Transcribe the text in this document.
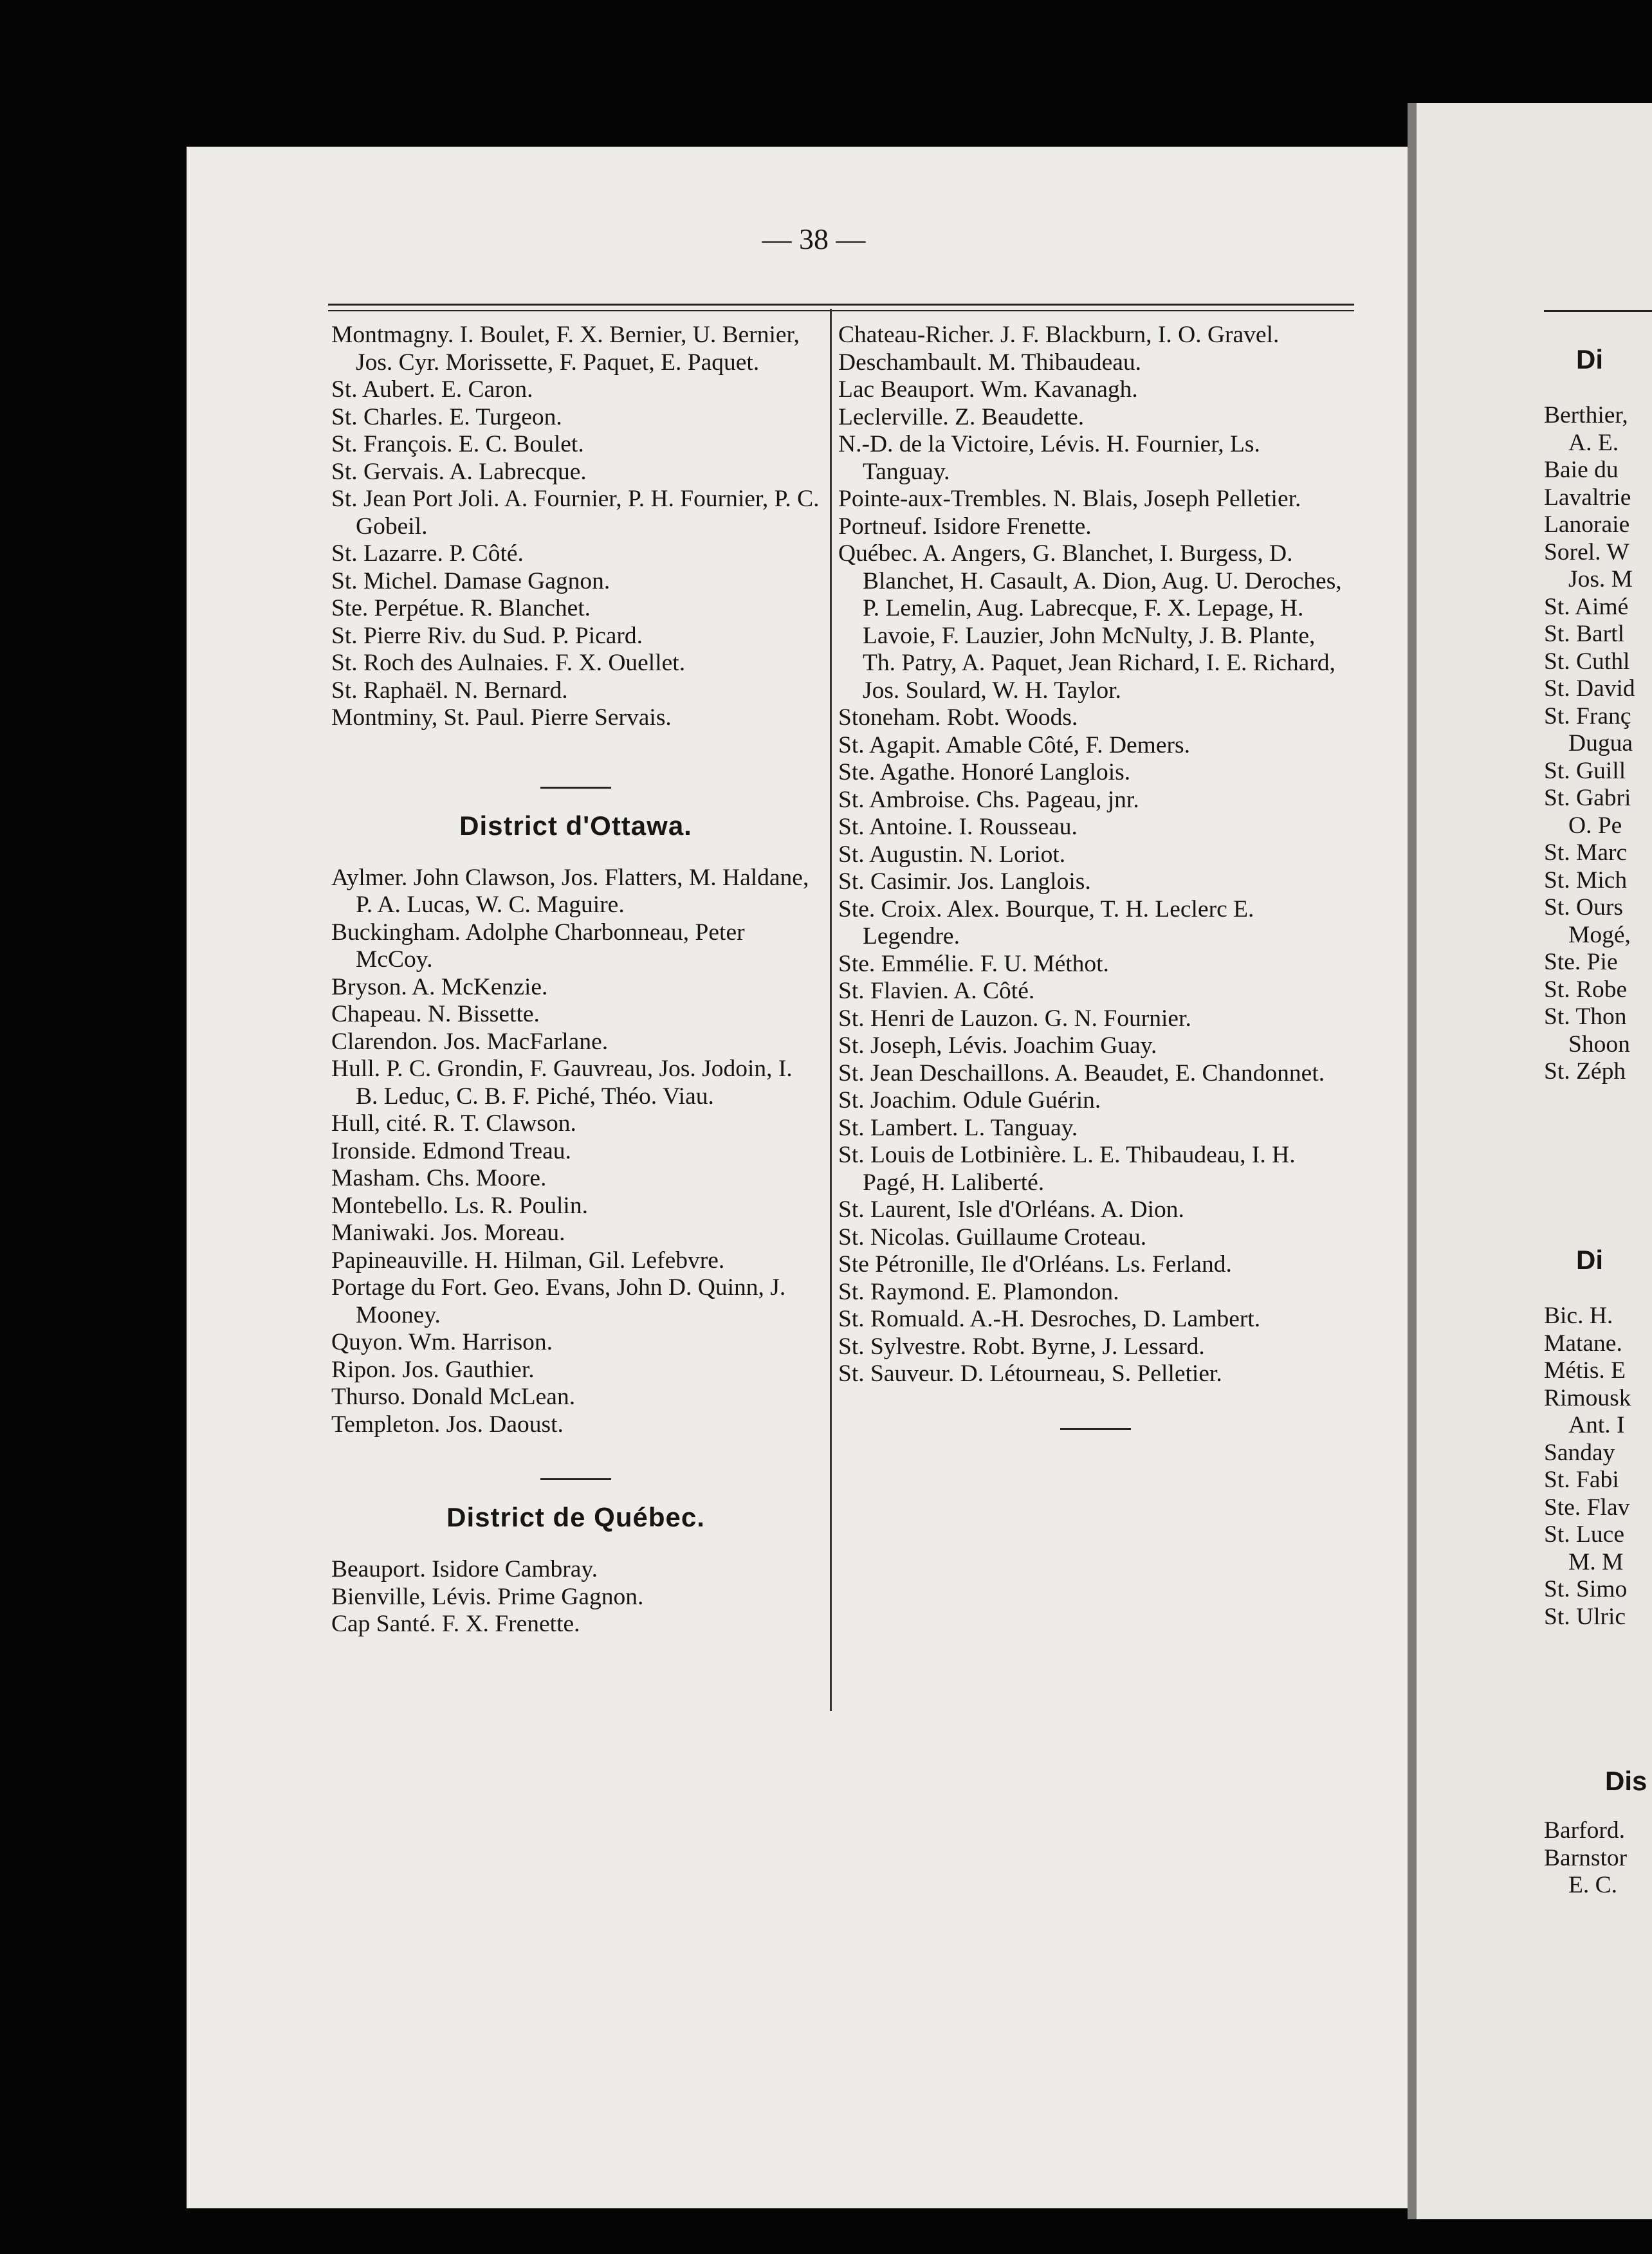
— 38 —
Montmagny. I. Boulet, F. X. Bernier, U. Bernier, Jos. Cyr. Morissette, F. Paquet, E. Paquet.
St. Aubert. E. Caron.
St. Charles. E. Turgeon.
St. François. E. C. Boulet.
St. Gervais. A. Labrecque.
St. Jean Port Joli. A. Fournier, P. H. Fournier, P. C. Gobeil.
St. Lazarre. P. Côté.
St. Michel. Damase Gagnon.
Ste. Perpétue. R. Blanchet.
St. Pierre Riv. du Sud. P. Picard.
St. Roch des Aulnaies. F. X. Ouellet.
St. Raphaël. N. Bernard.
Montminy, St. Paul. Pierre Servais.
District d'Ottawa.
Aylmer. John Clawson, Jos. Flatters, M. Haldane, P. A. Lucas, W. C. Maguire.
Buckingham. Adolphe Charbonneau, Peter McCoy.
Bryson. A. McKenzie.
Chapeau. N. Bissette.
Clarendon. Jos. MacFarlane.
Hull. P. C. Grondin, F. Gauvreau, Jos. Jodoin, I. B. Leduc, C. B. F. Piché, Théo. Viau.
Hull, cité. R. T. Clawson.
Ironside. Edmond Treau.
Masham. Chs. Moore.
Montebello. Ls. R. Poulin.
Maniwaki. Jos. Moreau.
Papineauville. H. Hilman, Gil. Lefebvre.
Portage du Fort. Geo. Evans, John D. Quinn, J. Mooney.
Quyon. Wm. Harrison.
Ripon. Jos. Gauthier.
Thurso. Donald McLean.
Templeton. Jos. Daoust.
District de Québec.
Beauport. Isidore Cambray.
Bienville, Lévis. Prime Gagnon.
Cap Santé. F. X. Frenette.
Chateau-Richer. J. F. Blackburn, I. O. Gravel.
Deschambault. M. Thibaudeau.
Lac Beauport. Wm. Kavanagh.
Leclerville. Z. Beaudette.
N.-D. de la Victoire, Lévis. H. Fournier, Ls. Tanguay.
Pointe-aux-Trembles. N. Blais, Joseph Pelletier.
Portneuf. Isidore Frenette.
Québec. A. Angers, G. Blanchet, I. Burgess, D. Blanchet, H. Casault, A. Dion, Aug. U. Deroches, P. Lemelin, Aug. Labrecque, F. X. Lepage, H. Lavoie, F. Lauzier, John McNulty, J. B. Plante, Th. Patry, A. Paquet, Jean Richard, I. E. Richard, Jos. Soulard, W. H. Taylor.
Stoneham. Robt. Woods.
St. Agapit. Amable Côté, F. Demers.
Ste. Agathe. Honoré Langlois.
St. Ambroise. Chs. Pageau, jnr.
St. Antoine. I. Rousseau.
St. Augustin. N. Loriot.
St. Casimir. Jos. Langlois.
Ste. Croix. Alex. Bourque, T. H. Leclerc E. Legendre.
Ste. Emmélie. F. U. Méthot.
St. Flavien. A. Côté.
St. Henri de Lauzon. G. N. Fournier.
St. Joseph, Lévis. Joachim Guay.
St. Jean Deschaillons. A. Beaudet, E. Chandonnet.
St. Joachim. Odule Guérin.
St. Lambert. L. Tanguay.
St. Louis de Lotbinière. L. E. Thibaudeau, I. H. Pagé, H. Laliberté.
St. Laurent, Isle d'Orléans. A. Dion.
St. Nicolas. Guillaume Croteau.
Ste Pétronille, Ile d'Orléans. Ls. Ferland.
St. Raymond. E. Plamondon.
St. Romuald. A.-H. Desroches, D. Lambert.
St. Sylvestre. Robt. Byrne, J. Lessard.
St. Sauveur. D. Létourneau, S. Pelletier.
Di
Berthier,
A. E.
Baie du
Lavaltrie
Lanoraie
Sorel. W
Jos. M
St. Aimé
St. Bartl
St. Cuthl
St. David
St. Franç
Dugua
St. Guill
St. Gabri
O. Pe
St. Marc
St. Mich
St. Ours
Mogé,
Ste. Pie
St. Robe
St. Thon
Shoon
St. Zéph
Di
Bic. H.
Matane.
Métis. E
Rimousk
Ant. I
Sanday
St. Fabi
Ste. Flav
St. Luce
M. M
St. Simo
St. Ulric
Dis
Barford.
Barnstor
E. C.
